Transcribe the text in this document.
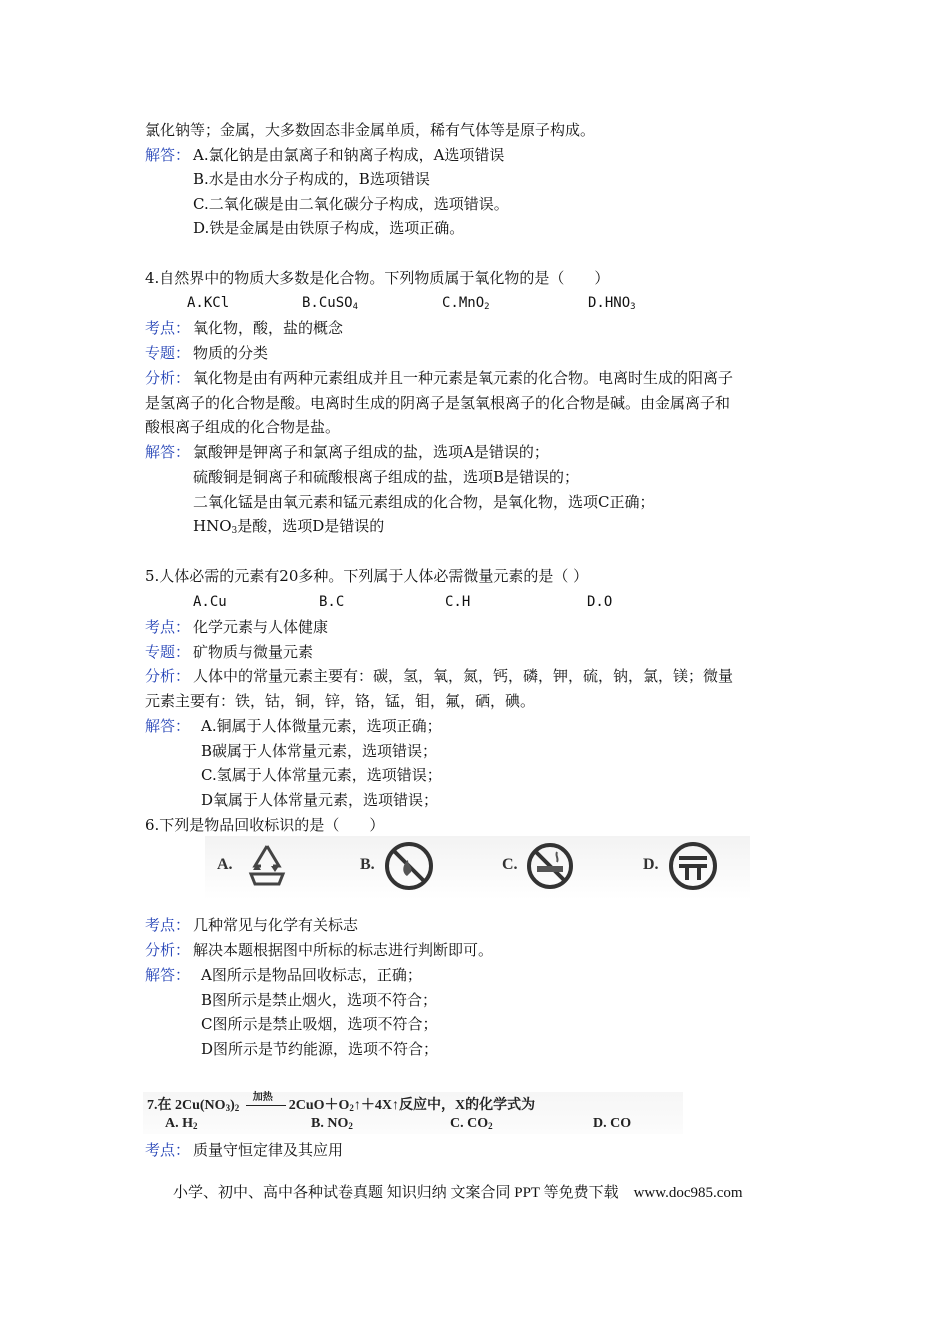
氯化钠等；金属，大多数固态非金属单质，稀有气体等是原子构成。
解答： A.氯化钠是由氯离子和钠离子构成，A选项错误
B.水是由水分子构成的，B选项错误
C.二氧化碳是由二氧化碳分子构成，选项错误。
D.铁是金属是由铁原子构成，选项正确。
4.自然界中的物质大多数是化合物。下列物质属于氧化物的是（　　）
A.KCl	B.CuSO$_4$	C.MnO$_2$	$D.HNO_3$
考点： 氧化物，酸，盐的概念
专题： 物质的分类
分析： 氧化物是由有两种元素组成并且一种元素是氧元素的化合物。电离时生成的阳离子
是氢离子的化合物是酸。电离时生成的阴离子是氢氧根离子的化合物是碱。由金属离子和
酸根离子组成的化合物是盐。
解答： 氯酸钾是钾离子和氯离子组成的盐，选项A是错误的；
硫酸铜是铜离子和硫酸根离子组成的盐，选项B是错误的；
二氧化锰是由氧元素和锰元素组成的化合物，是氧化物，选项C正确；
$HNO_3$是酸，选项D是错误的
5.人体必需的元素有20多种。下列属于人体必需微量元素的是（ ）
A.Cu	B.C	C.H	D.O
考点： 化学元素与人体健康
专题： 矿物质与微量元素
分析： 人体中的常量元素主要有：碳，氢，氧，氮，钙，磷，钾，硫，钠，氯，镁；微量
元素主要有：铁，钴，铜，锌，铬，锰，钼，氟，硒，碘。
解答： A.铜属于人体微量元素，选项正确；
B碳属于人体常量元素，选项错误；
C.氢属于人体常量元素，选项错误；
D氧属于人体常量元素，选项错误；
6.下列是物品回收标识的是（　　）
A.	B.	C.	D.
考点： 几种常见与化学有关标志
分析： 解决本题根据图中所标的标志进行判断即可。
解答： A图所示是物品回收标志，正确；
B图所示是禁止烟火，选项不符合；
C图所示是禁止吸烟，选项不符合；
D图所示是节约能源，选项不符合；
7.在 $2Cu(NO_3)_2$
加热
$2CuO+O_2↑+4X↑$反应中，X的化学式为
A. $H_2$	B. $NO_2$	C. $CO_2$	D. CO
考点： 质量守恒定律及其应用
小学、初中、高中各种试卷真题 知识归纳 文案合同 PPT 等免费下载　www.doc985.com
